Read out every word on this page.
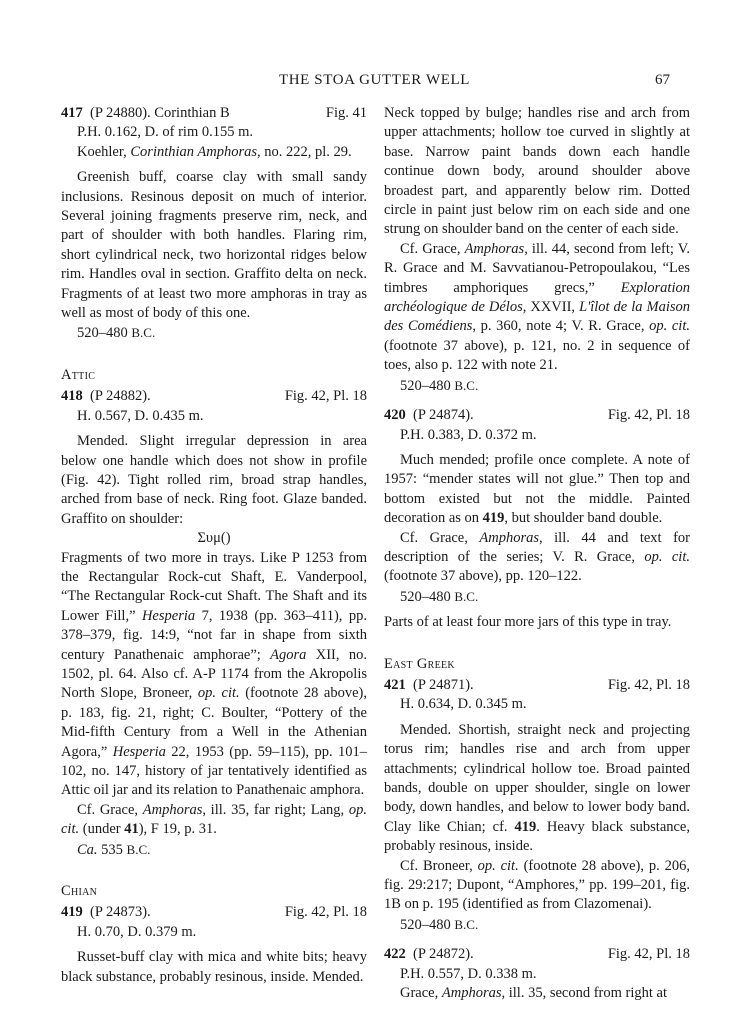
THE STOA GUTTER WELL	67
417 (P 24880). Corinthian B	Fig. 41
P.H. 0.162, D. of rim 0.155 m.
Koehler, Corinthian Amphoras, no. 222, pl. 29.
Greenish buff, coarse clay with small sandy inclusions. Resinous deposit on much of interior. Several joining fragments preserve rim, neck, and part of shoulder with both handles. Flaring rim, short cylindrical neck, two horizontal ridges below rim. Handles oval in section. Graffito delta on neck. Fragments of at least two more amphoras in tray as well as most of body of this one.
520–480 B.C.
Attic
418 (P 24882).	Fig. 42, Pl. 18
H. 0.567, D. 0.435 m.
Mended. Slight irregular depression in area below one handle which does not show in profile (Fig. 42). Tight rolled rim, broad strap handles, arched from base of neck. Ring foot. Glaze banded. Graffito on shoulder:
Συμ()
Fragments of two more in trays. Like P 1253 from the Rectangular Rock-cut Shaft, E. Vanderpool, “The Rectangular Rock-cut Shaft. The Shaft and its Lower Fill,” Hesperia 7, 1938 (pp. 363–411), pp. 378–379, fig. 14:9, “not far in shape from sixth century Panathenaic amphorae”; Agora XII, no. 1502, pl. 64. Also cf. A-P 1174 from the Akropolis North Slope, Broneer, op. cit. (footnote 28 above), p. 183, fig. 21, right; C. Boulter, “Pottery of the Mid-fifth Century from a Well in the Athenian Agora,” Hesperia 22, 1953 (pp. 59–115), pp. 101–102, no. 147, history of jar tentatively identified as Attic oil jar and its relation to Panathenaic amphora.
Cf. Grace, Amphoras, ill. 35, far right; Lang, op. cit. (under 41), F 19, p. 31.
Ca. 535 B.C.
Chian
419 (P 24873).	Fig. 42, Pl. 18
H. 0.70, D. 0.379 m.
Russet-buff clay with mica and white bits; heavy black substance, probably resinous, inside. Mended.
Neck topped by bulge; handles rise and arch from upper attachments; hollow toe curved in slightly at base. Narrow paint bands down each handle continue down body, around shoulder above broadest part, and apparently below rim. Dotted circle in paint just below rim on each side and one strung on shoulder band on the center of each side.
Cf. Grace, Amphoras, ill. 44, second from left; V. R. Grace and M. Savvatianou-Petropoulakou, “Les timbres amphoriques grecs,” Exploration archéologique de Délos, XXVII, L'îlot de la Maison des Comédiens, p. 360, note 4; V. R. Grace, op. cit. (footnote 37 above), p. 121, no. 2 in sequence of toes, also p. 122 with note 21.
520–480 B.C.
420 (P 24874).	Fig. 42, Pl. 18
P.H. 0.383, D. 0.372 m.
Much mended; profile once complete. A note of 1957: “mender states will not glue.” Then top and bottom existed but not the middle. Painted decoration as on 419, but shoulder band double.
Cf. Grace, Amphoras, ill. 44 and text for description of the series; V. R. Grace, op. cit. (footnote 37 above), pp. 120–122.
520–480 B.C.
Parts of at least four more jars of this type in tray.
East Greek
421 (P 24871).	Fig. 42, Pl. 18
H. 0.634, D. 0.345 m.
Mended. Shortish, straight neck and projecting torus rim; handles rise and arch from upper attachments; cylindrical hollow toe. Broad painted bands, double on upper shoulder, single on lower body, down handles, and below to lower body band. Clay like Chian; cf. 419. Heavy black substance, probably resinous, inside.
Cf. Broneer, op. cit. (footnote 28 above), p. 206, fig. 29:217; Dupont, “Amphores,” pp. 199–201, fig. 1B on p. 195 (identified as from Clazomenai).
520–480 B.C.
422 (P 24872).	Fig. 42, Pl. 18
P.H. 0.557, D. 0.338 m.
Grace, Amphoras, ill. 35, second from right at
